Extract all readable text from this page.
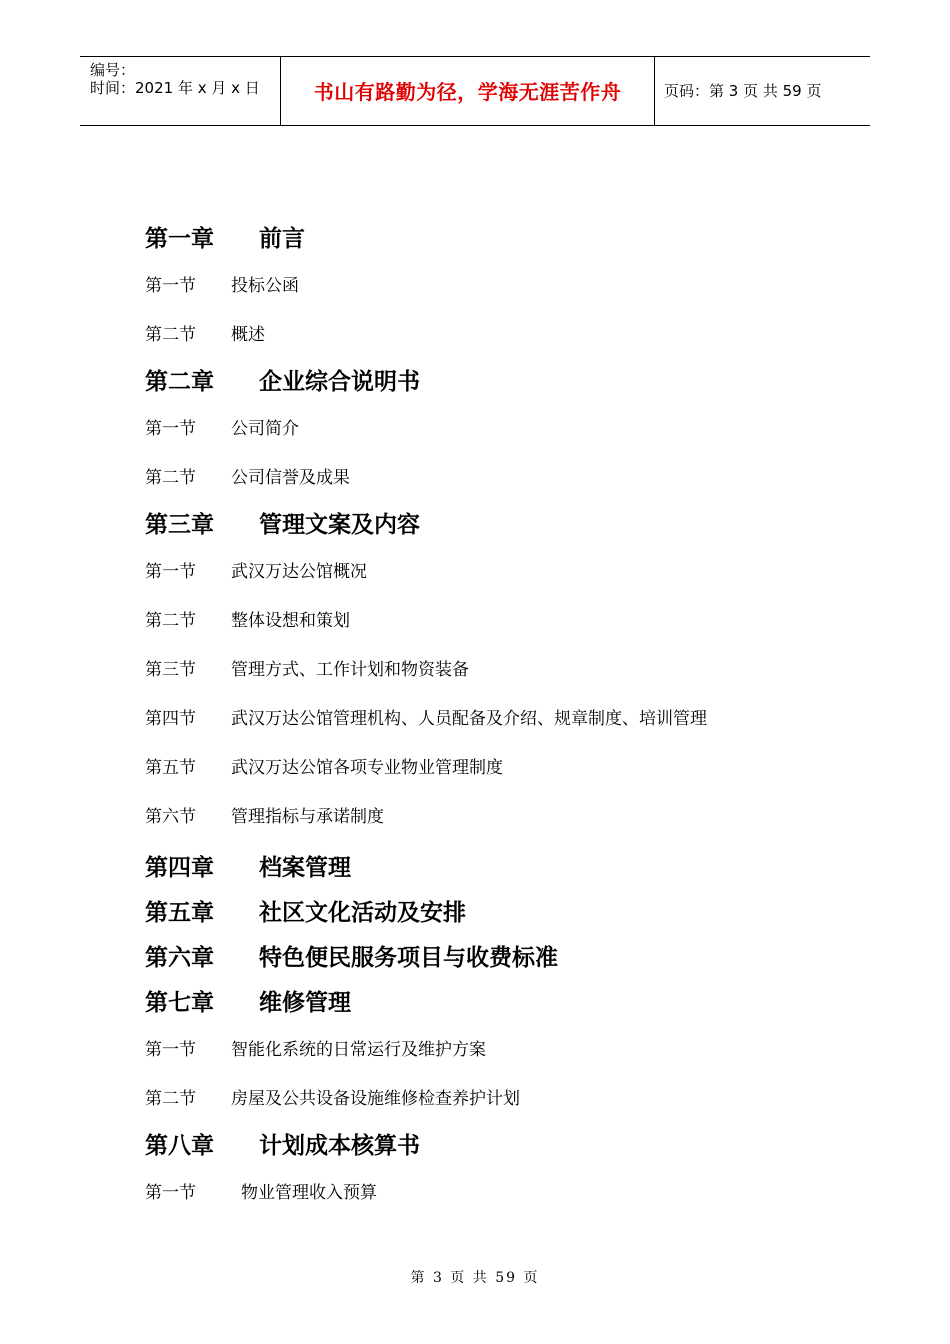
编号：
时间：2021 年 x 月 x 日	书山有路勤为径，学海无涯苦作舟	页码：第 3 页 共 59 页
第一章	前言
第一节	投标公函
第二节	概述
第二章	企业综合说明书
第一节	公司简介
第二节	公司信誉及成果
第三章	管理文案及内容
第一节	武汉万达公馆概况
第二节	整体设想和策划
第三节	管理方式、工作计划和物资装备
第四节	武汉万达公馆管理机构、人员配备及介绍、规章制度、培训管理
第五节	武汉万达公馆各项专业物业管理制度
第六节	管理指标与承诺制度
第四章	档案管理
第五章	社区文化活动及安排
第六章	特色便民服务项目与收费标准
第七章	维修管理
第一节	智能化系统的日常运行及维护方案
第二节	房屋及公共设备设施维修检查养护计划
第八章	计划成本核算书
第一节	物业管理收入预算
第 3 页 共 59 页
